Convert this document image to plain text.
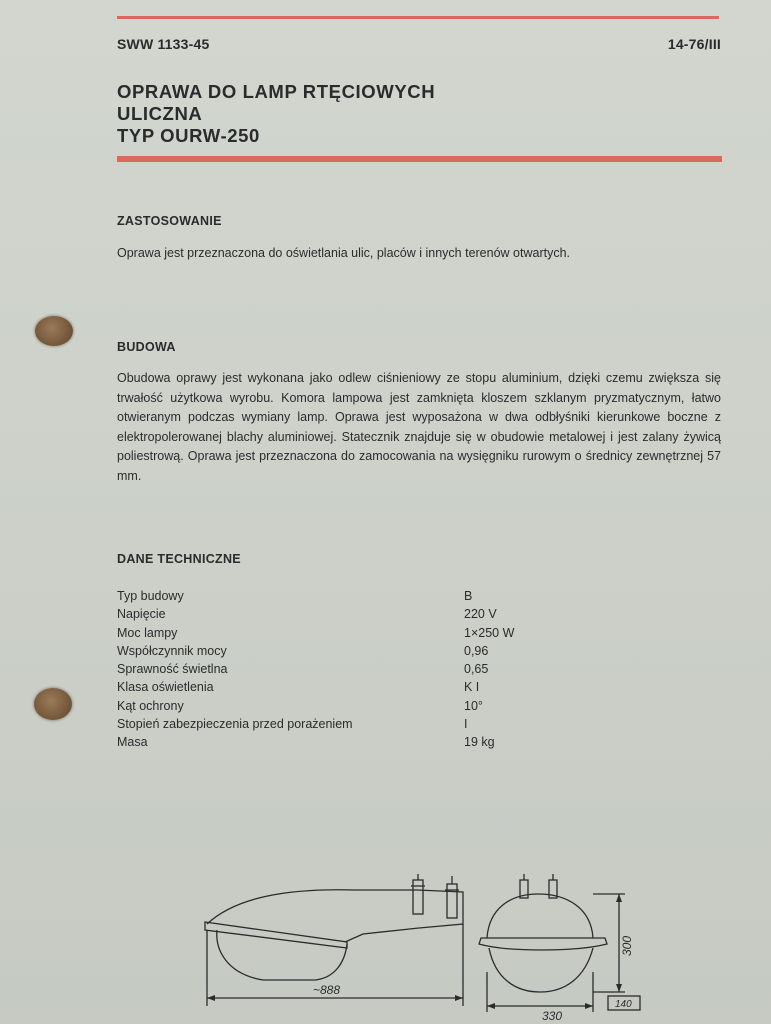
SWW 1133-45	14-76/III
OPRAWA DO LAMP RTĘCIOWYCH
ULICZNA
TYP OURW-250
ZASTOSOWANIE
Oprawa jest przeznaczona do oświetlania ulic, placów i innych terenów otwartych.
BUDOWA
Obudowa oprawy jest wykonana jako odlew ciśnieniowy ze stopu aluminium, dzięki czemu zwiększa się trwałość użytkowa wyrobu. Komora lampowa jest zamknięta kloszem szklanym pryzmatycznym, łatwo otwieranym podczas wymiany lamp. Oprawa jest wyposażona w dwa odbłyśniki kierunkowe boczne z elektropolerowanej blachy aluminiowej. Statecznik znajduje się w obudowie metalowej i jest zalany żywicą poliestrową. Oprawa jest przeznaczona do zamocowania na wysięgniku rurowym o średnicy zewnętrznej 57 mm.
DANE TECHNICZNE
Typ budowy	B
Napięcie	220 V
Moc lampy	1×250 W
Współczynnik mocy	0,96
Sprawność świetlna	0,65
Klasa oświetlenia	K I
Kąt ochrony	10°
Stopień zabezpieczenia przed porażeniem	I
Masa	19 kg
~888
330
300
140
